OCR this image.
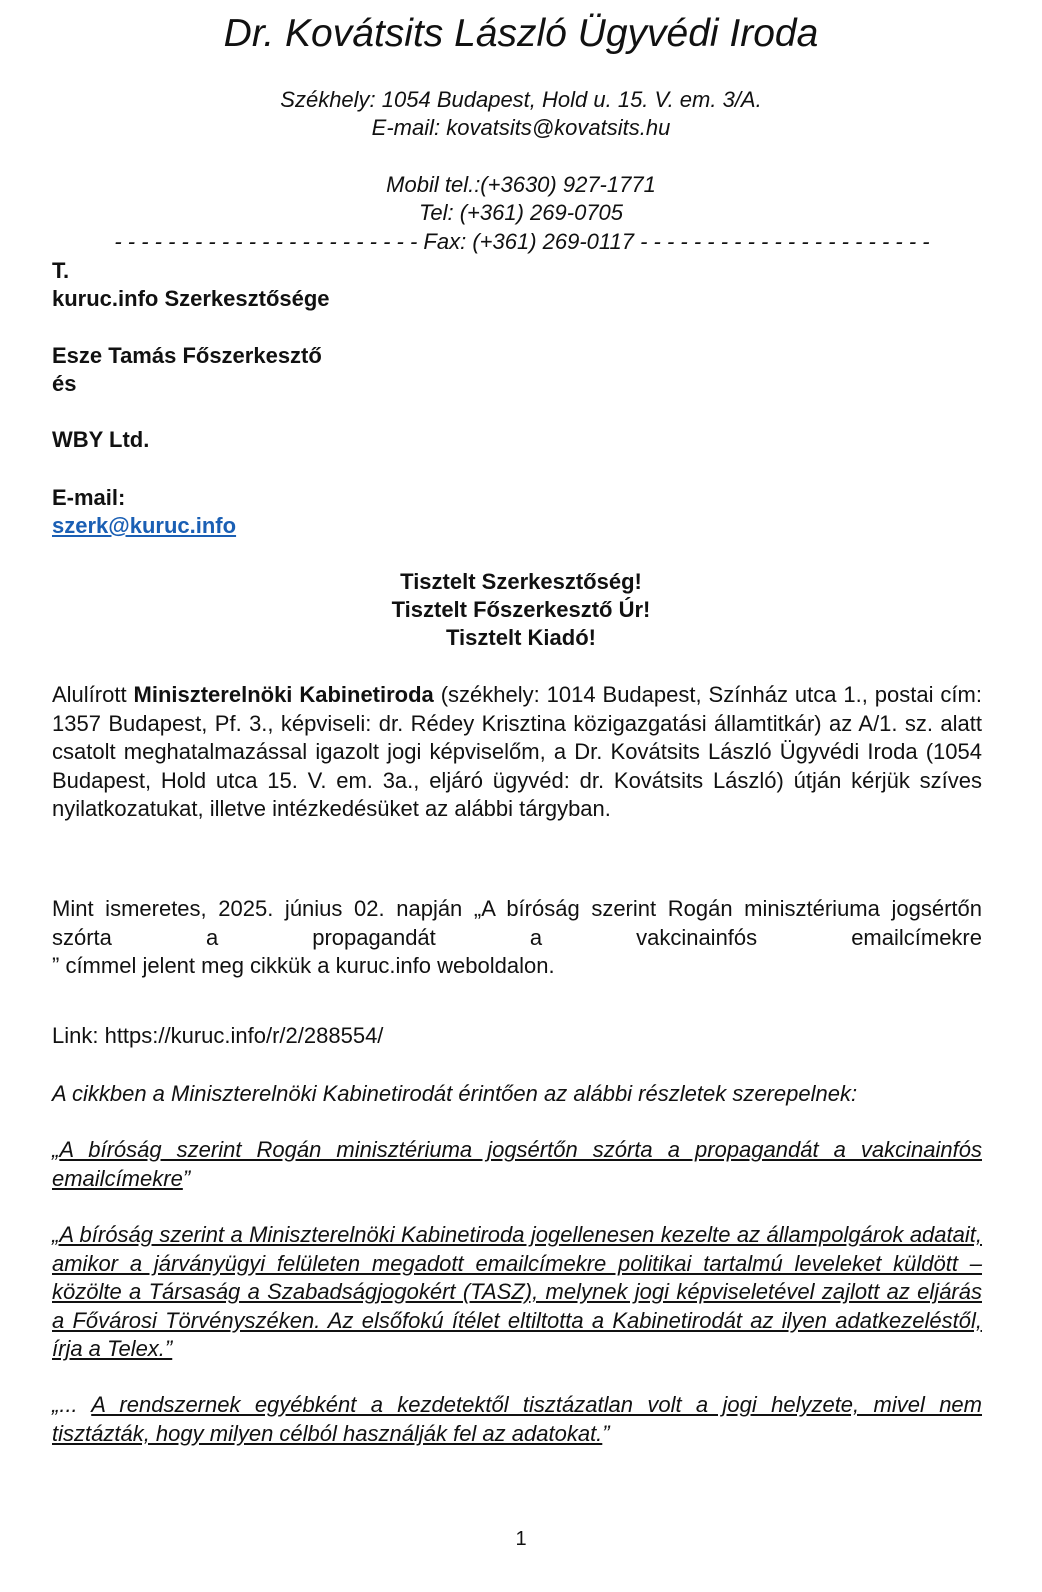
Dr. Kovátsits László Ügyvédi Iroda
Székhely: 1054 Budapest, Hold u. 15. V. em. 3/A.
E-mail: kovatsits@kovatsits.hu
Mobil tel.:(+3630) 927-1771
Tel: (+361) 269-0705
- - - - - - - - - - - - - - - - - - - - - - - Fax: (+361) 269-0117 - - - - - - - - - - - - - - - - - - - - - -
T.
kuruc.info Szerkesztősége
Esze Tamás Főszerkesztő
és
WBY Ltd.
E-mail:
szerk@kuruc.info
Tisztelt Szerkesztőség!
Tisztelt Főszerkesztő Úr!
Tisztelt Kiadó!
Alulírott Miniszterelnöki Kabinetiroda (székhely: 1014 Budapest, Színház utca 1., postai cím: 1357 Budapest, Pf. 3., képviseli: dr. Rédey Krisztina közigazgatási államtitkár) az A/1. sz. alatt csatolt meghatalmazással igazolt jogi képviselőm, a Dr. Kovátsits László Ügyvédi Iroda (1054 Budapest, Hold utca 15. V. em. 3a., eljáró ügyvéd: dr. Kovátsits László) útján kérjük szíves nyilatkozatukat, illetve intézkedésüket az alábbi tárgyban.
Mint ismeretes, 2025. június 02. napján „A bíróság szerint Rogán minisztériuma jogsértőn szórta a propagandát a vakcinainfós emailcímekre
” címmel jelent meg cikkük a kuruc.info weboldalon.
Link: https://kuruc.info/r/2/288554/
A cikkben a Miniszterelnöki Kabinetirodát érintően az alábbi részletek szerepelnek:
„A bíróság szerint Rogán minisztériuma jogsértőn szórta a propagandát a vakcinainfós emailcímekre”
„A bíróság szerint a Miniszterelnöki Kabinetiroda jogellenesen kezelte az állampolgárok adatait, amikor a járványügyi felületen megadott emailcímekre politikai tartalmú leveleket küldött – közölte a Társaság a Szabadságjogokért (TASZ), melynek jogi képviseletével zajlott az eljárás a Fővárosi Törvényszéken. Az elsőfokú ítélet eltiltotta a Kabinetirodát az ilyen adatkezeléstől, írja a Telex.”
„... A rendszernek egyébként a kezdetektől tisztázatlan volt a jogi helyzete, mivel nem tisztázták, hogy milyen célból használják fel az adatokat.”
1
